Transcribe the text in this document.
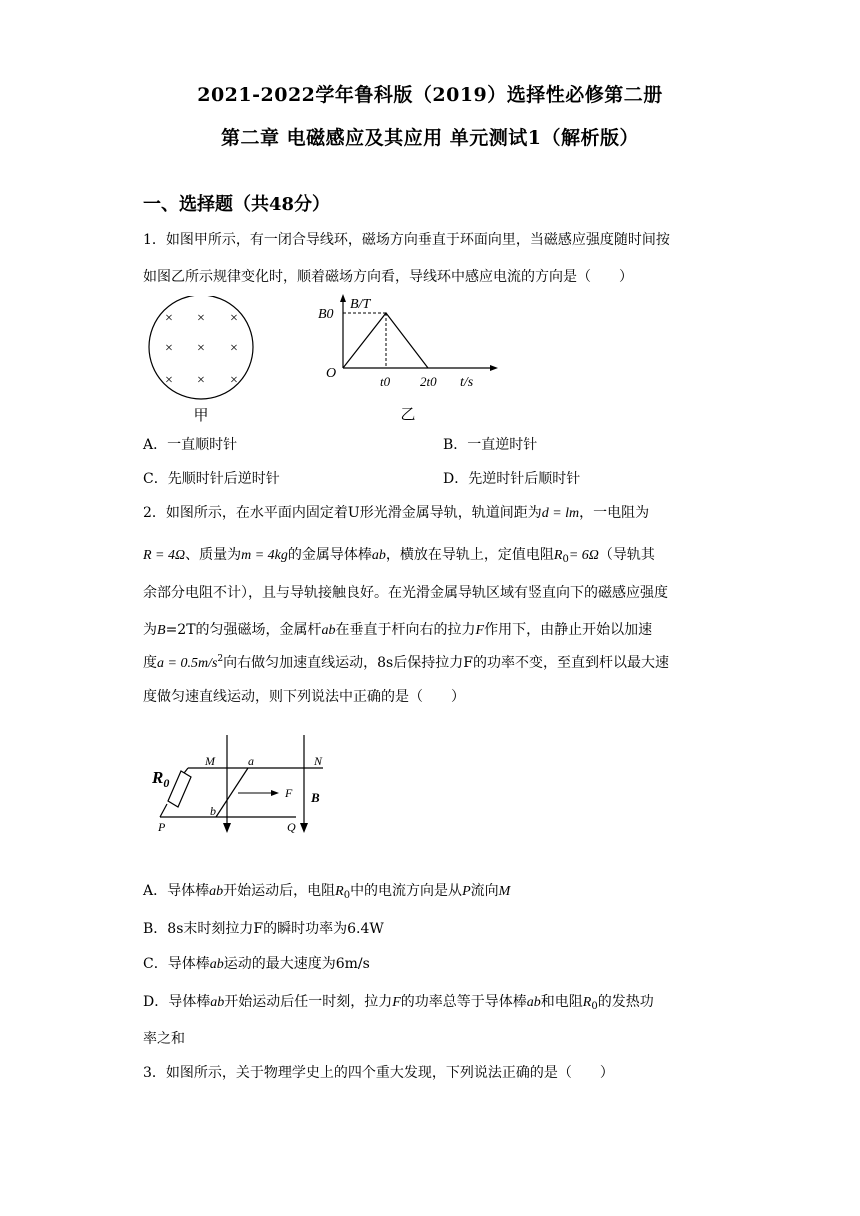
2021-2022学年鲁科版（2019）选择性必修第二册
第二章 电磁感应及其应用 单元测试1（解析版）
一、选择题（共48分）
1．如图甲所示，有一闭合导线环，磁场方向垂直于环面向里，当磁感应强度随时间按
如图乙所示规律变化时，顺着磁场方向看，导线环中感应电流的方向是（　　）
× × ×
× × ×
× × ×
甲
B/T
B0
O
t0 2t0 t/s
乙
A．一直顺时针	B．一直逆时针
C．先顺时针后逆时针	D．先逆时针后顺时针
2．如图所示，在水平面内固定着U形光滑金属导轨，轨道间距为d = lm，一电阻为
R = 4Ω、质量为m = 4kg的金属导体棒ab，横放在导轨上，定值电阻$R_0= 6\Omega$（导轨其
余部分电阻不计），且与导轨接触良好。在光滑金属导轨区域有竖直向下的磁感应强度
为B=2T的匀强磁场，金属杆ab在垂直于杆向右的拉力F作用下，由静止开始以加速
度$a = 0.5m/s^2$向右做匀加速直线运动，8s后保持拉力F的功率不变，至直到杆以最大速
度做匀速直线运动，则下列说法中正确的是（　　）
$R_0$
M	a	N
F B
P
b
Q
A．导体棒ab开始运动后，电阻$R_0$中的电流方向是从P流向M
B．8s末时刻拉力F的瞬时功率为6.4W
C．导体棒ab运动的最大速度为6m/s
D．导体棒ab开始运动后任一时刻，拉力F的功率总等于导体棒ab和电阻$R_0$的发热功
率之和
3．如图所示，关于物理学史上的四个重大发现，下列说法正确的是（　　）
